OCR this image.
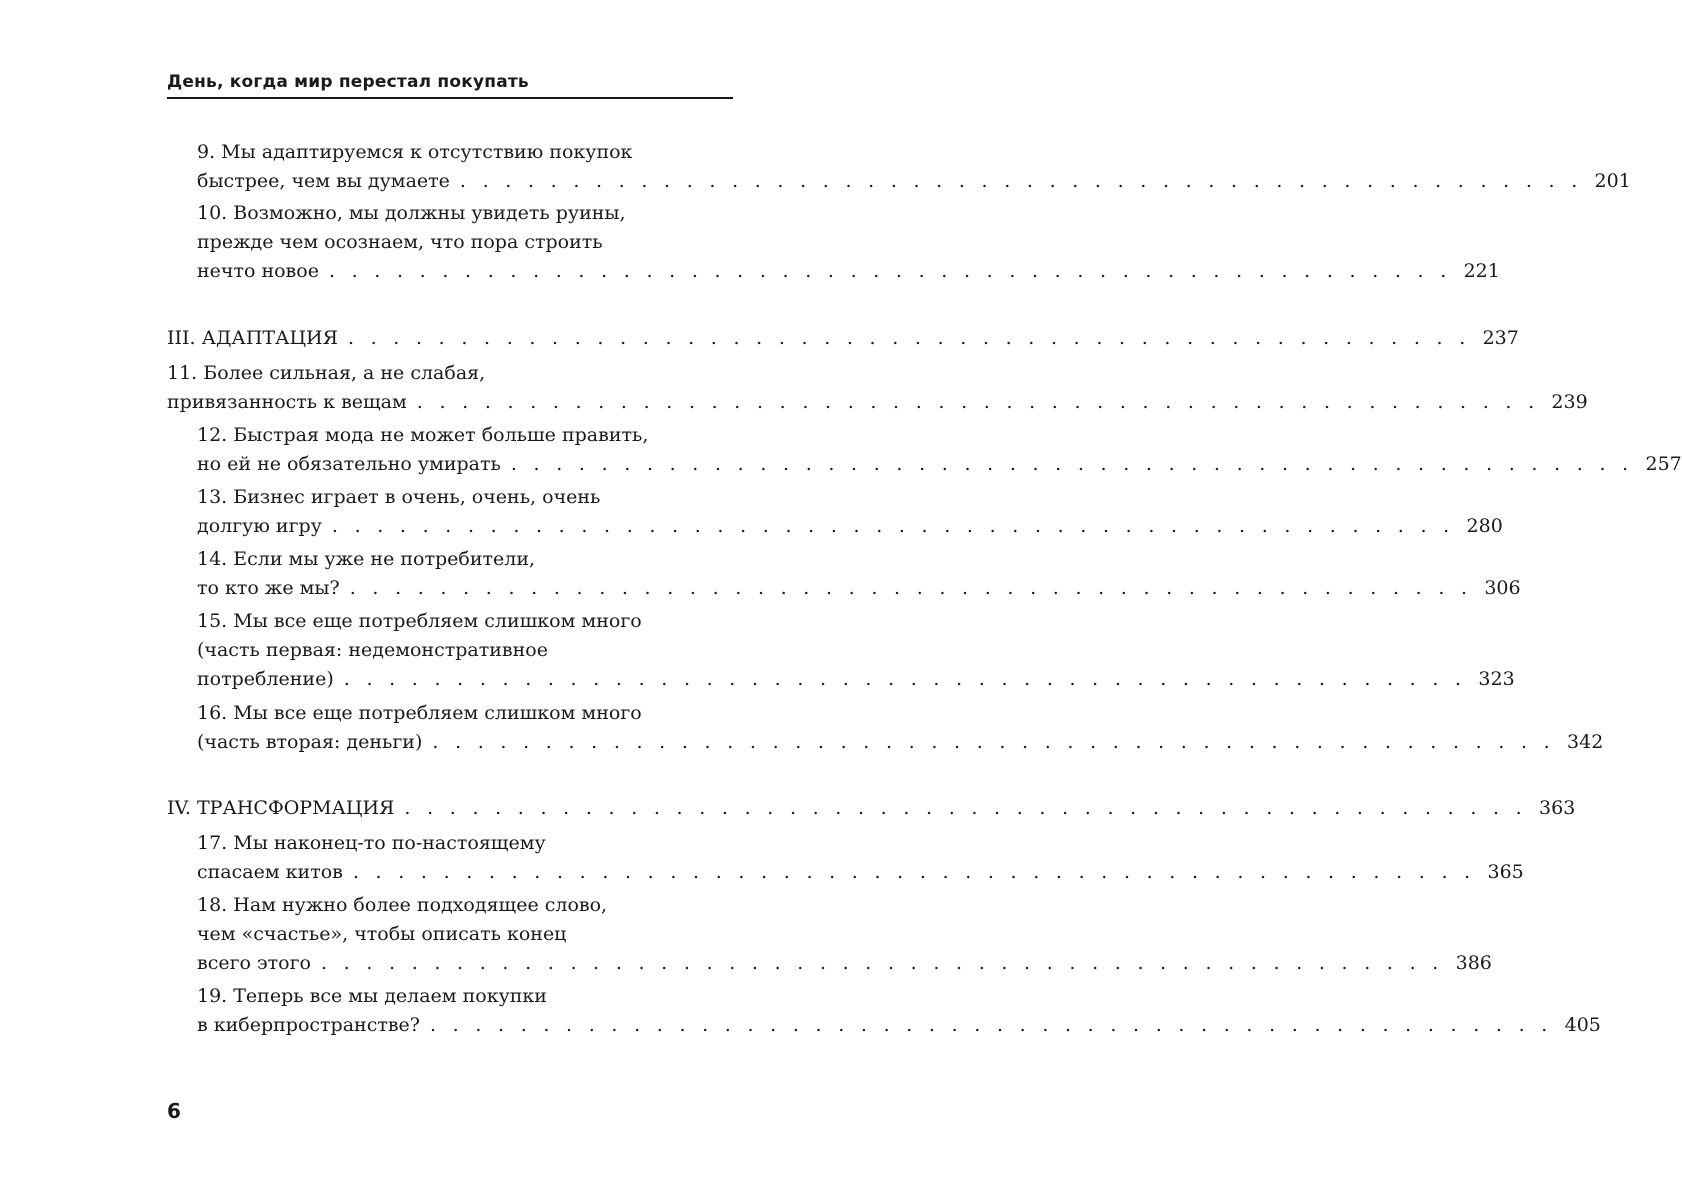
День, когда мир перестал покупать
9. Мы адаптируемся к отсутствию покупок
быстрее, чем вы думаете . . . . . . . . . . . . . . . . . . . . . . . . . . . . . . . . . . . . . . . . . . . . . . . . . . 201
10. Возможно, мы должны увидеть руины,
прежде чем осознаем, что пора строить
нечто новое . . . . . . . . . . . . . . . . . . . . . . . . . . . . . . . . . . . . . . . . . . . . . . . . . . 221
III. АДАПТАЦИЯ . . . . . . . . . . . . . . . . . . . . . . . . . . . . . . . . . . . . . . . . . . . . . . . . . . 237
11. Более сильная, а не слабая,
привязанность к вещам . . . . . . . . . . . . . . . . . . . . . . . . . . . . . . . . . . . . . . . . . . . . . . . . . . 239
12. Быстрая мода не может больше править,
но ей не обязательно умирать . . . . . . . . . . . . . . . . . . . . . . . . . . . . . . . . . . . . . . . . . . . . . . . . . . 257
13. Бизнес играет в очень, очень, очень
долгую игру . . . . . . . . . . . . . . . . . . . . . . . . . . . . . . . . . . . . . . . . . . . . . . . . . . 280
14. Если мы уже не потребители,
то кто же мы? . . . . . . . . . . . . . . . . . . . . . . . . . . . . . . . . . . . . . . . . . . . . . . . . . . 306
15. Мы все еще потребляем слишком много
(часть первая: недемонстративное
потребление) . . . . . . . . . . . . . . . . . . . . . . . . . . . . . . . . . . . . . . . . . . . . . . . . . . 323
16. Мы все еще потребляем слишком много
(часть вторая: деньги) . . . . . . . . . . . . . . . . . . . . . . . . . . . . . . . . . . . . . . . . . . . . . . . . . . 342
IV. ТРАНСФОРМАЦИЯ . . . . . . . . . . . . . . . . . . . . . . . . . . . . . . . . . . . . . . . . . . . . . . . . . . 363
17. Мы наконец-то по-настоящему
спасаем китов . . . . . . . . . . . . . . . . . . . . . . . . . . . . . . . . . . . . . . . . . . . . . . . . . . 365
18. Нам нужно более подходящее слово,
чем «счастье», чтобы описать конец
всего этого . . . . . . . . . . . . . . . . . . . . . . . . . . . . . . . . . . . . . . . . . . . . . . . . . . 386
19. Теперь все мы делаем покупки
в киберпространстве? . . . . . . . . . . . . . . . . . . . . . . . . . . . . . . . . . . . . . . . . . . . . . . . . . . 405
6
